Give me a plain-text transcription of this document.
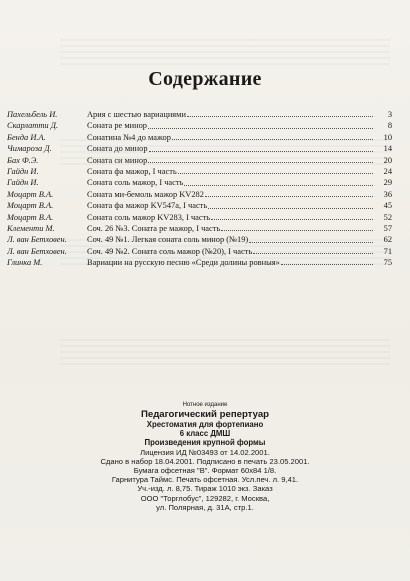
Содержание
Пахельбель И.	Ария с шестью вариациями	3
Скарлатти Д.	Соната ре минор	8
Бенда И.А.	Сонатина №4 до мажор	10
Чимароза Д.	Соната до минор	14
Бах Ф.Э.	Соната си минор	20
Гайдн И.	Соната фа мажор, I часть	24
Гайдн И.	Соната соль мажор, I часть	29
Моцарт В.А.	Соната ми-бемоль мажор KV282	36
Моцарт В.А.	Соната фа мажор KV547a, I часть	45
Моцарт В.А.	Соната соль мажор KV283, I часть	52
Клементи М.	Соч. 26 №3. Соната ре мажор, I часть	57
Л. ван Бетховен.	Соч. 49 №1. Легкая соната соль минор (№19)	62
Л. ван Бетховен.	Соч. 49 №2. Соната соль мажор (№20), I часть	71
Глинка М.	Вариации на русскую песню «Среди долины ровныя»	75
Нотное издание
Педагогический репертуар
Хрестоматия для фортепиано
6 класс ДМШ
Произведения крупной формы
Лицензия ИД №03493 от 14.02.2001.
Сдано в набор 18.04.2001. Подписано в печать 23.05.2001.
Бумага офсетная "В". Формат 60x84 1/8.
Гарнитура Таймс. Печать офсетная. Усл.печ. л. 9,41.
Уч.-изд. л. 8,75. Тираж 1010 экз. Заказ
ООО "Торглобус", 129282, г. Москва,
ул. Полярная, д. 31А, стр.1.
